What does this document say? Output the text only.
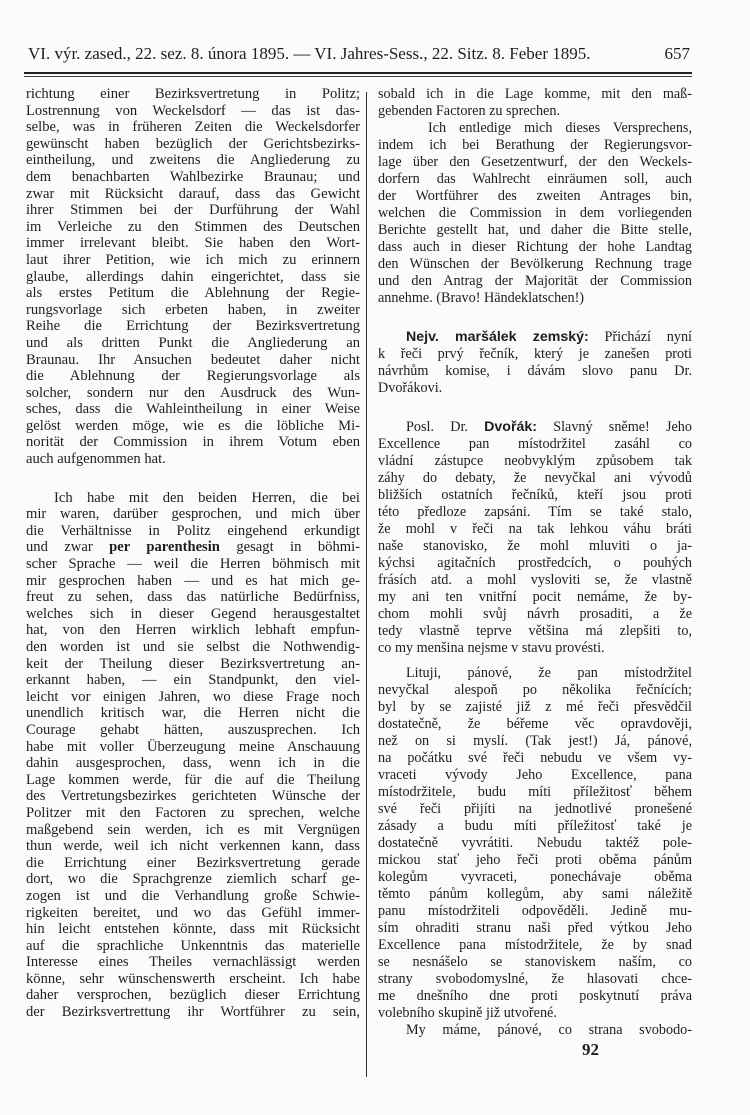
VI. výr. zased., 22. sez. 8. února 1895. — VI. Jahres-Sess., 22. Sitz. 8. Feber 1895.	657
richtung einer Bezirksvertretung in Politz;
Lostrennung von Weckelsdorf — das ist das-
selbe, was in früheren Zeiten die Weckelsdorfer
gewünscht haben bezüglich der Gerichtsbezirks-
eintheilung, und zweitens die Angliederung zu
dem benachbarten Wahlbezirke Braunau; und
zwar mit Rücksicht darauf, dass das Gewicht
ihrer Stimmen bei der Durführung der Wahl
im Verleiche zu den Stimmen des Deutschen
immer irrelevant bleibt. Sie haben den Wort-
laut ihrer Petition, wie ich mich zu erinnern
glaube, allerdings dahin eingerichtet, dass sie
als erstes Petitum die Ablehnung der Regie-
rungsvorlage sich erbeten haben, in zweiter
Reihe die Errichtung der Bezirksvertretung
und als dritten Punkt die Angliederung an
Braunau. Ihr Ansuchen bedeutet daher nicht
die Ablehnung der Regierungsvorlage als
solcher, sondern nur den Ausdruck des Wun-
sches, dass die Wahleintheilung in einer Weise
gelöst werden möge, wie es die löbliche Mi-
norität der Commission in ihrem Votum eben
auch aufgenommen hat.
Ich habe mit den beiden Herren, die bei
mir waren, darüber gesprochen, und mich über
die Verhältnisse in Politz eingehend erkundigt
und zwar per parenthesin gesagt in böhmi-
scher Sprache — weil die Herren böhmisch mit
mir gesprochen haben — und es hat mich ge-
freut zu sehen, dass das natürliche Bedürfniss,
welches sich in dieser Gegend herausgestaltet
hat, von den Herren wirklich lebhaft empfun-
den worden ist und sie selbst die Nothwendig-
keit der Theilung dieser Bezirksvertretung an-
erkannt haben, — ein Standpunkt, den viel-
leicht vor einigen Jahren, wo diese Frage noch
unendlich kritisch war, die Herren nicht die
Courage gehabt hätten, auszusprechen. Ich
habe mit voller Überzeugung meine Anschauung
dahin ausgesprochen, dass, wenn ich in die
Lage kommen werde, für die auf die Theilung
des Vertretungsbezirkes gerichteten Wünsche der
Politzer mit den Factoren zu sprechen, welche
maßgebend sein werden, ich es mit Vergnügen
thun werde, weil ich nicht verkennen kann, dass
die Errichtung einer Bezirksvertretung gerade
dort, wo die Sprachgrenze ziemlich scharf ge-
zogen ist und die Verhandlung große Schwie-
rigkeiten bereitet, und wo das Gefühl immer-
hin leicht entstehen könnte, dass mit Rücksicht
auf die sprachliche Unkenntnis das materielle
Interesse eines Theiles vernachlässigt werden
könne, sehr wünschenswerth erscheint. Ich habe
daher versprochen, bezüglich dieser Errichtung
der Bezirksvertrettung ihr Wortführer zu sein,
sobald ich in die Lage komme, mit den maß-
gebenden Factoren zu sprechen.
Ich entledige mich dieses Versprechens,
indem ich bei Berathung der Regierungsvor-
lage über den Gesetzentwurf, der den Weckels-
dorfern das Wahlrecht einräumen soll, auch
der Wortführer des zweiten Antrages bin,
welchen die Commission in dem vorliegenden
Berichte gestellt hat, und daher die Bitte stelle,
dass auch in dieser Richtung der hohe Landtag
den Wünschen der Bevölkerung Rechnung trage
und den Antrag der Majorität der Commission
annehme. (Bravo! Händeklatschen!)
Nejv. maršálek zemský: Přichází nyní
k řeči prvý řečník, který je zanešen proti
návrhům komise, i dávám slovo panu Dr.
Dvořákovi.
Posl. Dr. Dvořák: Slavný sněme! Jeho
Excellence pan místodržitel zasáhl co
vládní zástupce neobvyklým způsobem tak
záhy do debaty, že nevyčkal ani vývodů
bližších ostatních řečníků, kteří jsou proti
této předloze zapsáni. Tím se také stalo,
že mohl v řeči na tak lehkou váhu bráti
naše stanovisko, že mohl mluviti o ja-
kýchsi agitačních prostředcích, o pouhých
frásích atd. a mohl vysloviti se, že vlastně
my ani ten vnitřní pocit nemáme, že by-
chom mohli svůj návrh prosaditi, a že
tedy vlastně teprve většina má zlepšiti to,
co my menšina nejsme v stavu provésti.
Lituji, pánové, že pan místodržitel
nevyčkal alespoň po několika řečnících;
byl by se zajisté již z mé řeči přesvědčil
dostatečně, že béřeme věc opravdověji,
než on si myslí. (Tak jest!) Já, pánové,
na počátku své řeči nebudu ve všem vy-
vraceti vývody Jeho Excellence, pana
místodržitele, budu míti příležitosť během
své řeči přijíti na jednotlivé pronešené
zásady a budu míti příležitosť také je
dostatečně vyvrátiti. Nebudu taktéž pole-
mickou stať jeho řeči proti oběma pánům
kolegům vyvraceti, ponechávaje oběma
těmto pánům kollegům, aby sami náležitě
panu místodržiteli odpověděli. Jedině mu-
sím ohraditi stranu naši před výtkou Jeho
Excellence pana místodržitele, že by snad
se nesnášelo se stanoviskem naším, co
strany svobodomyslné, že hlasovati chce-
me dnešního dne proti poskytnutí práva
volebního skupině již utvořené.
My máme, pánové, co strana svobodo-
92
